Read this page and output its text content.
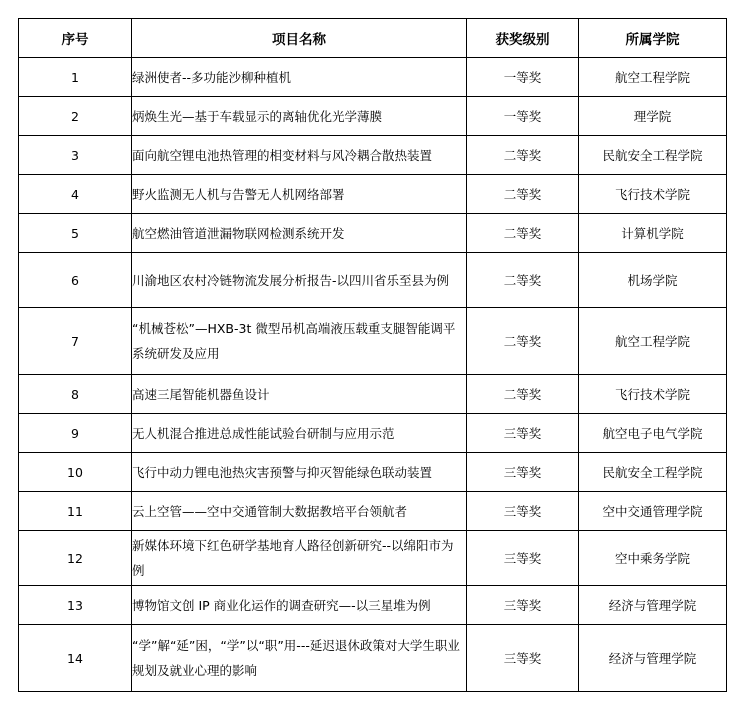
序号	项目名称	获奖级别	所属学院
1	绿洲使者--多功能沙柳种植机	一等奖	航空工程学院
2	炳焕生光—基于车载显示的离轴优化光学薄膜	一等奖	理学院
3	面向航空锂电池热管理的相变材料与风冷耦合散热装置	二等奖	民航安全工程学院
4	野火监测无人机与告警无人机网络部署	二等奖	飞行技术学院
5	航空燃油管道泄漏物联网检测系统开发	二等奖	计算机学院
6	川渝地区农村冷链物流发展分析报告-以四川省乐至县为例	二等奖	机场学院
7	“机械苍松”—HXB-3t 微型吊机高端液压载重支腿智能调平系统研发及应用	二等奖	航空工程学院
8	高速三尾智能机器鱼设计	二等奖	飞行技术学院
9	无人机混合推进总成性能试验台研制与应用示范	三等奖	航空电子电气学院
10	飞行中动力锂电池热灾害预警与抑灭智能绿色联动装置	三等奖	民航安全工程学院
11	云上空管——空中交通管制大数据教培平台领航者	三等奖	空中交通管理学院
12	新媒体环境下红色研学基地育人路径创新研究--以绵阳市为例	三等奖	空中乘务学院
13	博物馆文创 IP 商业化运作的调查研究—-以三星堆为例	三等奖	经济与管理学院
14	“学”解“延”困，“学”以“职”用---延迟退休政策对大学生职业规划及就业心理的影响	三等奖	经济与管理学院
